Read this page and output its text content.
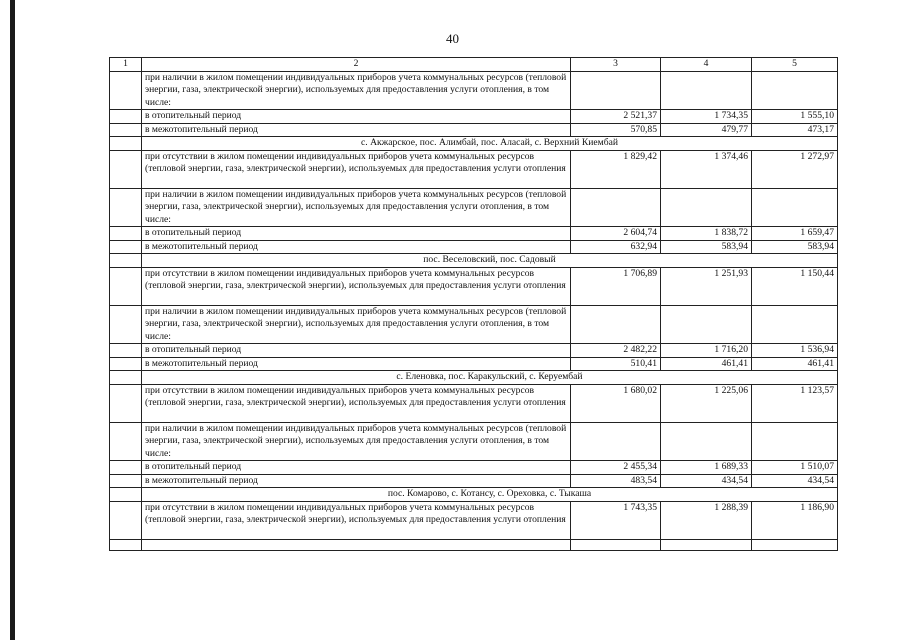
40
1	2	3	4	5
	при наличии в жилом помещении индивидуальных приборов учета коммунальных ресурсов (тепловой энергии, газа, электрической энергии), используемых для предоставления услуги отопления, в том числе:			
	в отопительный период	2 521,37	1 734,35	1 555,10
	в межотопительный период	570,85	479,77	473,17
	с. Акжарское, пос. Алимбай, пос. Аласай, с. Верхний Киембай			
	при отсутствии в жилом помещении индивидуальных приборов учета коммунальных ресурсов (тепловой энергии, газа, электрической энергии), используемых для предоставления услуги отопления	1 829,42	1 374,46	1 272,97
	при наличии в жилом помещении индивидуальных приборов учета коммунальных ресурсов (тепловой энергии, газа, электрической энергии), используемых для предоставления услуги отопления, в том числе:			
	в отопительный период	2 604,74	1 838,72	1 659,47
	в межотопительный период	632,94	583,94	583,94
	пос. Веселовский, пос. Садовый			
	при отсутствии в жилом помещении индивидуальных приборов учета коммунальных ресурсов (тепловой энергии, газа, электрической энергии), используемых для предоставления услуги отопления	1 706,89	1 251,93	1 150,44
	при наличии в жилом помещении индивидуальных приборов учета коммунальных ресурсов (тепловой энергии, газа, электрической энергии), используемых для предоставления услуги отопления, в том числе:			
	в отопительный период	2 482,22	1 716,20	1 536,94
	в межотопительный период	510,41	461,41	461,41
	с. Еленовка, пос. Каракульский, с. Керуембай			
	при отсутствии в жилом помещении индивидуальных приборов учета коммунальных ресурсов (тепловой энергии, газа, электрической энергии), используемых для предоставления услуги отопления	1 680,02	1 225,06	1 123,57
	при наличии в жилом помещении индивидуальных приборов учета коммунальных ресурсов (тепловой энергии, газа, электрической энергии), используемых для предоставления услуги отопления, в том числе:			
	в отопительный период	2 455,34	1 689,33	1 510,07
	в межотопительный период	483,54	434,54	434,54
	пос. Комарово, с. Котансу, с. Ореховка, с. Тыкаша			
	при отсутствии в жилом помещении индивидуальных приборов учета коммунальных ресурсов (тепловой энергии, газа, электрической энергии), используемых для предоставления услуги отопления	1 743,35	1 288,39	1 186,90
